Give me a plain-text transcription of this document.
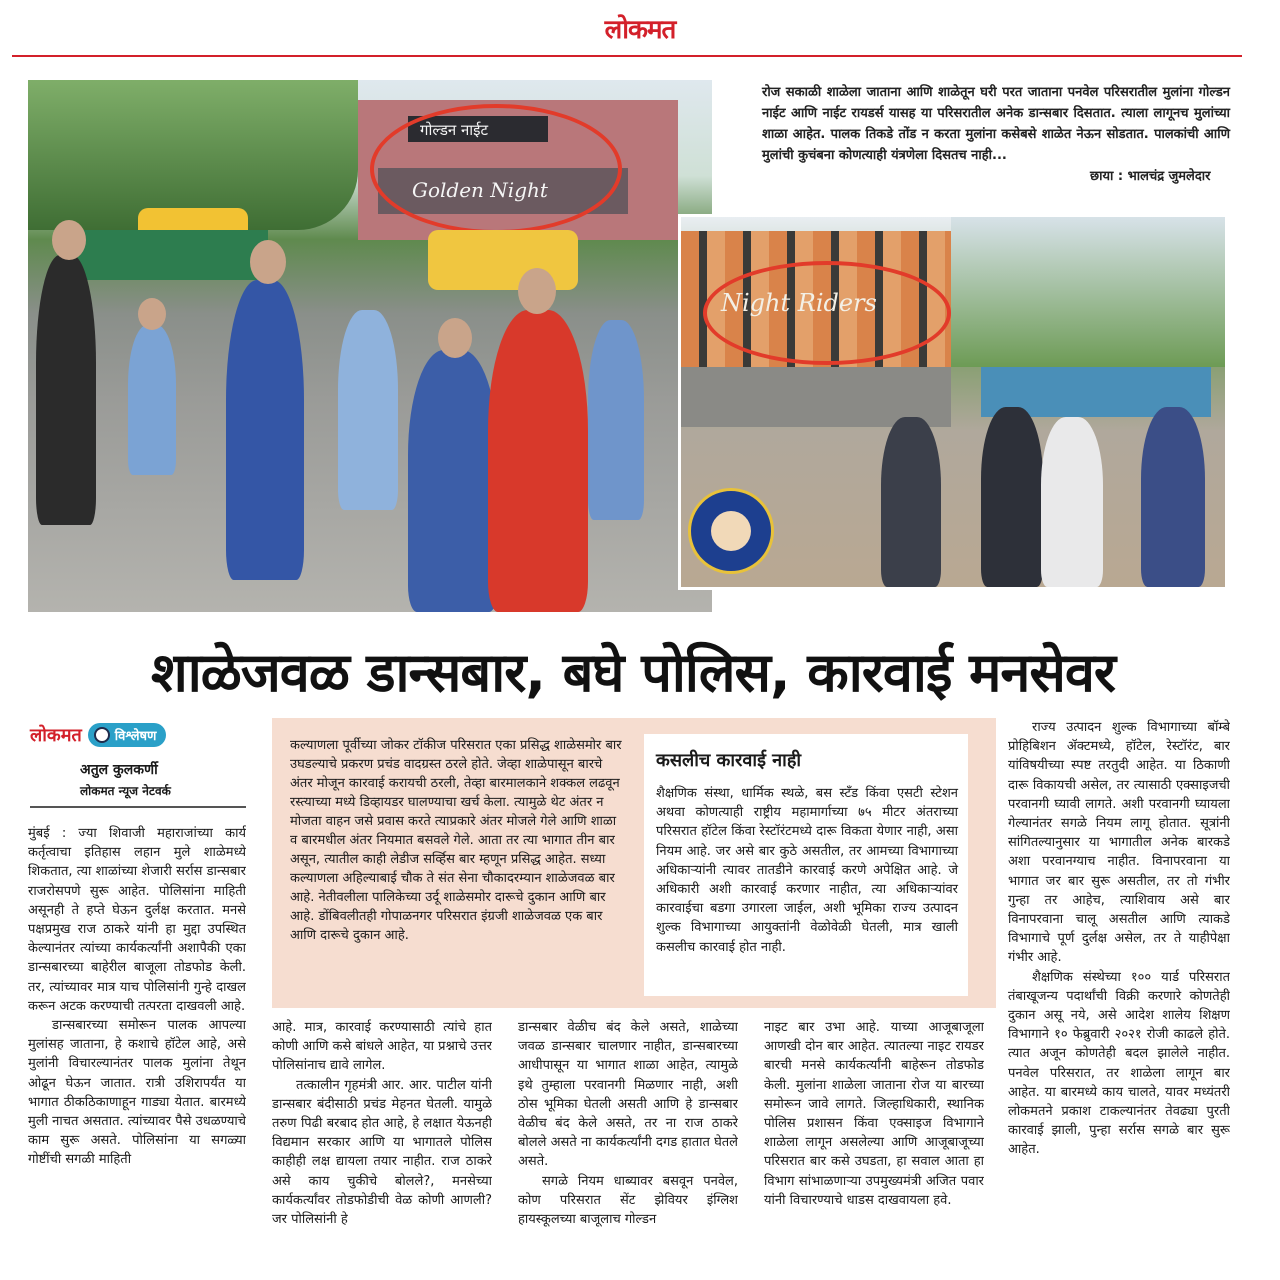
लोकमत
गोल्डन नाईट
Golden Night
रोज सकाळी शाळेला जाताना आणि शाळेतून घरी परत जाताना पनवेल परिसरातील मुलांना गोल्डन नाईट आणि नाईट रायडर्स यासह या परिसरातील अनेक डान्सबार दिसतात. त्याला लागूनच मुलांच्या शाळा आहेत. पालक तिकडे तोंड न करता मुलांना कसेबसे शाळेत नेऊन सोडतात. पालकांची आणि मुलांची कुचंबना कोणत्याही यंत्रणेला दिसतच नाही...
छाया : भालचंद्र जुमलेदार
Night Riders
शाळेजवळ डान्सबार, बघे पोलिस, कारवाई मनसेवर
लोकमत	विश्लेषण
अतुल कुलकर्णी
लोकमत न्यूज नेटवर्क

मुंबई : ज्या शिवाजी महाराजांच्या कार्य कर्तृत्वाचा इतिहास लहान मुले शाळेमध्ये शिकतात, त्या शाळांच्या शेजारी सर्रास डान्सबार राजरोसपणे सुरू आहेत. पोलिसांना माहिती असूनही ते हप्ते घेऊन दुर्लक्ष करतात. मनसे पक्षप्रमुख राज ठाकरे यांनी हा मुद्दा उपस्थित केल्यानंतर त्यांच्या कार्यकर्त्यांनी अशापैकी एका डान्सबारच्या बाहेरील बाजूला तोडफोड केली. तर, त्यांच्यावर मात्र याच पोलिसांनी गुन्हे दाखल करून अटक करण्याची तत्परता दाखवली आहे.

डान्सबारच्या समोरून पालक आपल्या मुलांसह जाताना, हे कशाचे हॉटेल आहे, असे मुलांनी विचारल्यानंतर पालक मुलांना तेथून ओढून घेऊन जातात. रात्री उशिरापर्यंत या भागात ठीकठिकाणाहून गाड्या येतात. बारमध्ये मुली नाचत असतात. त्यांच्यावर पैसे उधळण्याचे काम सुरू असते. पोलिसांना या सगळ्या गोष्टींची सगळी माहिती

कल्याणला पूर्वीच्या जोकर टॉकीज परिसरात एका प्रसिद्ध शाळेसमोर बार उघडल्याचे प्रकरण प्रचंड वादग्रस्त ठरले होते. जेव्हा शाळेपासून बारचे अंतर मोजून कारवाई करायची ठरली, तेव्हा बारमालकाने शक्कल लढवून रस्त्याच्या मध्ये डिव्हायडर घालण्याचा खर्च केला. त्यामुळे थेट अंतर न मोजता वाहन जसे प्रवास करते त्याप्रकारे अंतर मोजले गेले आणि शाळा व बारमधील अंतर नियमात बसवले गेले. आता तर त्या भागात तीन बार असून, त्यातील काही लेडीज सर्व्हिस बार म्हणून प्रसिद्ध आहेत. सध्या कल्याणला अहिल्याबाई चौक ते संत सेना चौकादरम्यान शाळेजवळ बार आहे. नेतीवलीला पालिकेच्या उर्दू शाळेसमोर दारूचे दुकान आणि बार आहे. डोंबिवलीतही गोपाळनगर परिसरात इंग्रजी शाळेजवळ एक बार आणि दारूचे दुकान आहे.
कसलीच कारवाई नाही
शैक्षणिक संस्था, धार्मिक स्थळे, बस स्टँड किंवा एसटी स्टेशन अथवा कोणत्याही राष्ट्रीय महामार्गाच्या ७५ मीटर अंतराच्या परिसरात हॉटेल किंवा रेस्टॉरंटमध्ये दारू विकता येणार नाही, असा नियम आहे. जर असे बार कुठे असतील, तर आमच्या विभागाच्या अधिकाऱ्यांनी त्यावर तातडीने कारवाई करणे अपेक्षित आहे. जे अधिकारी अशी कारवाई करणार नाहीत, त्या अधिकाऱ्यांवर कारवाईचा बडगा उगारला जाईल, अशी भूमिका राज्य उत्पादन शुल्क विभागाच्या आयुक्तांनी वेळोवेळी घेतली, मात्र खाली कसलीच कारवाई होत नाही.

आहे. मात्र, कारवाई करण्यासाठी त्यांचे हात कोणी आणि कसे बांधले आहेत, या प्रश्नाचे उत्तर पोलिसांनाच द्यावे लागेल.

तत्कालीन गृहमंत्री आर. आर. पाटील यांनी डान्सबार बंदीसाठी प्रचंड मेहनत घेतली. यामुळे तरुण पिढी बरबाद होत आहे, हे लक्षात येऊनही विद्यमान सरकार आणि या भागातले पोलिस काहीही लक्ष द्यायला तयार नाहीत. राज ठाकरे असे काय चुकीचे बोलले?, मनसेच्या कार्यकर्त्यांवर तोडफोडीची वेळ कोणी आणली? जर पोलिसांनी हे

डान्सबार वेळीच बंद केले असते, शाळेच्या जवळ डान्सबार चालणार नाहीत, डान्सबारच्या आधीपासून या भागात शाळा आहेत, त्यामुळे इथे तुम्हाला परवानगी मिळणार नाही, अशी ठोस भूमिका घेतली असती आणि हे डान्सबार वेळीच बंद केले असते, तर ना राज ठाकरे बोलले असते ना कार्यकर्त्यांनी दगड हातात घेतले असते.

सगळे नियम धाब्यावर बसवून पनवेल, कोण परिसरात सेंट झेवियर इंग्लिश हायस्कूलच्या बाजूलाच गोल्डन

नाइट बार उभा आहे. याच्या आजूबाजूला आणखी दोन बार आहेत. त्यातल्या नाइट रायडर बारची मनसे कार्यकर्त्यांनी बाहेरून तोडफोड केली. मुलांना शाळेला जाताना रोज या बारच्या समोरून जावे लागते. जिल्हाधिकारी, स्थानिक पोलिस प्रशासन किंवा एक्साइज विभागाने शाळेला लागून असलेल्या आणि आजूबाजूच्या परिसरात बार कसे उघडता, हा सवाल आता हा विभाग सांभाळणाऱ्या उपमुख्यमंत्री अजित पवार यांनी विचारण्याचे धाडस दाखवायला हवे.

राज्य उत्पादन शुल्क विभागाच्या बॉम्बे प्रोहिबिशन ॲक्टमध्ये, हॉटेल, रेस्टॉरंट, बार यांविषयीच्या स्पष्ट तरतुदी आहेत. या ठिकाणी दारू विकायची असेल, तर त्यासाठी एक्साइजची परवानगी घ्यावी लागते. अशी परवानगी घ्यायला गेल्यानंतर सगळे नियम लागू होतात. सूत्रांनी सांगितल्यानुसार या भागातील अनेक बारकडे अशा परवानग्याच नाहीत. विनापरवाना या भागात जर बार सुरू असतील, तर तो गंभीर गुन्हा तर आहेच, त्याशिवाय असे बार विनापरवाना चालू असतील आणि त्याकडे विभागाचे पूर्ण दुर्लक्ष असेल, तर ते याहीपेक्षा गंभीर आहे.

शैक्षणिक संस्थेच्या १०० यार्ड परिसरात तंबाखूजन्य पदार्थांची विक्री करणारे कोणतेही दुकान असू नये, असे आदेश शालेय शिक्षण विभागाने १० फेब्रुवारी २०२१ रोजी काढले होते. त्यात अजून कोणतेही बदल झालेले नाहीत. पनवेल परिसरात, तर शाळेला लागून बार आहेत. या बारमध्ये काय चालते, यावर मध्यंतरी लोकमतने प्रकाश टाकल्यानंतर तेवढ्या पुरती कारवाई झाली, पुन्हा सर्रास सगळे बार सुरू आहेत.
